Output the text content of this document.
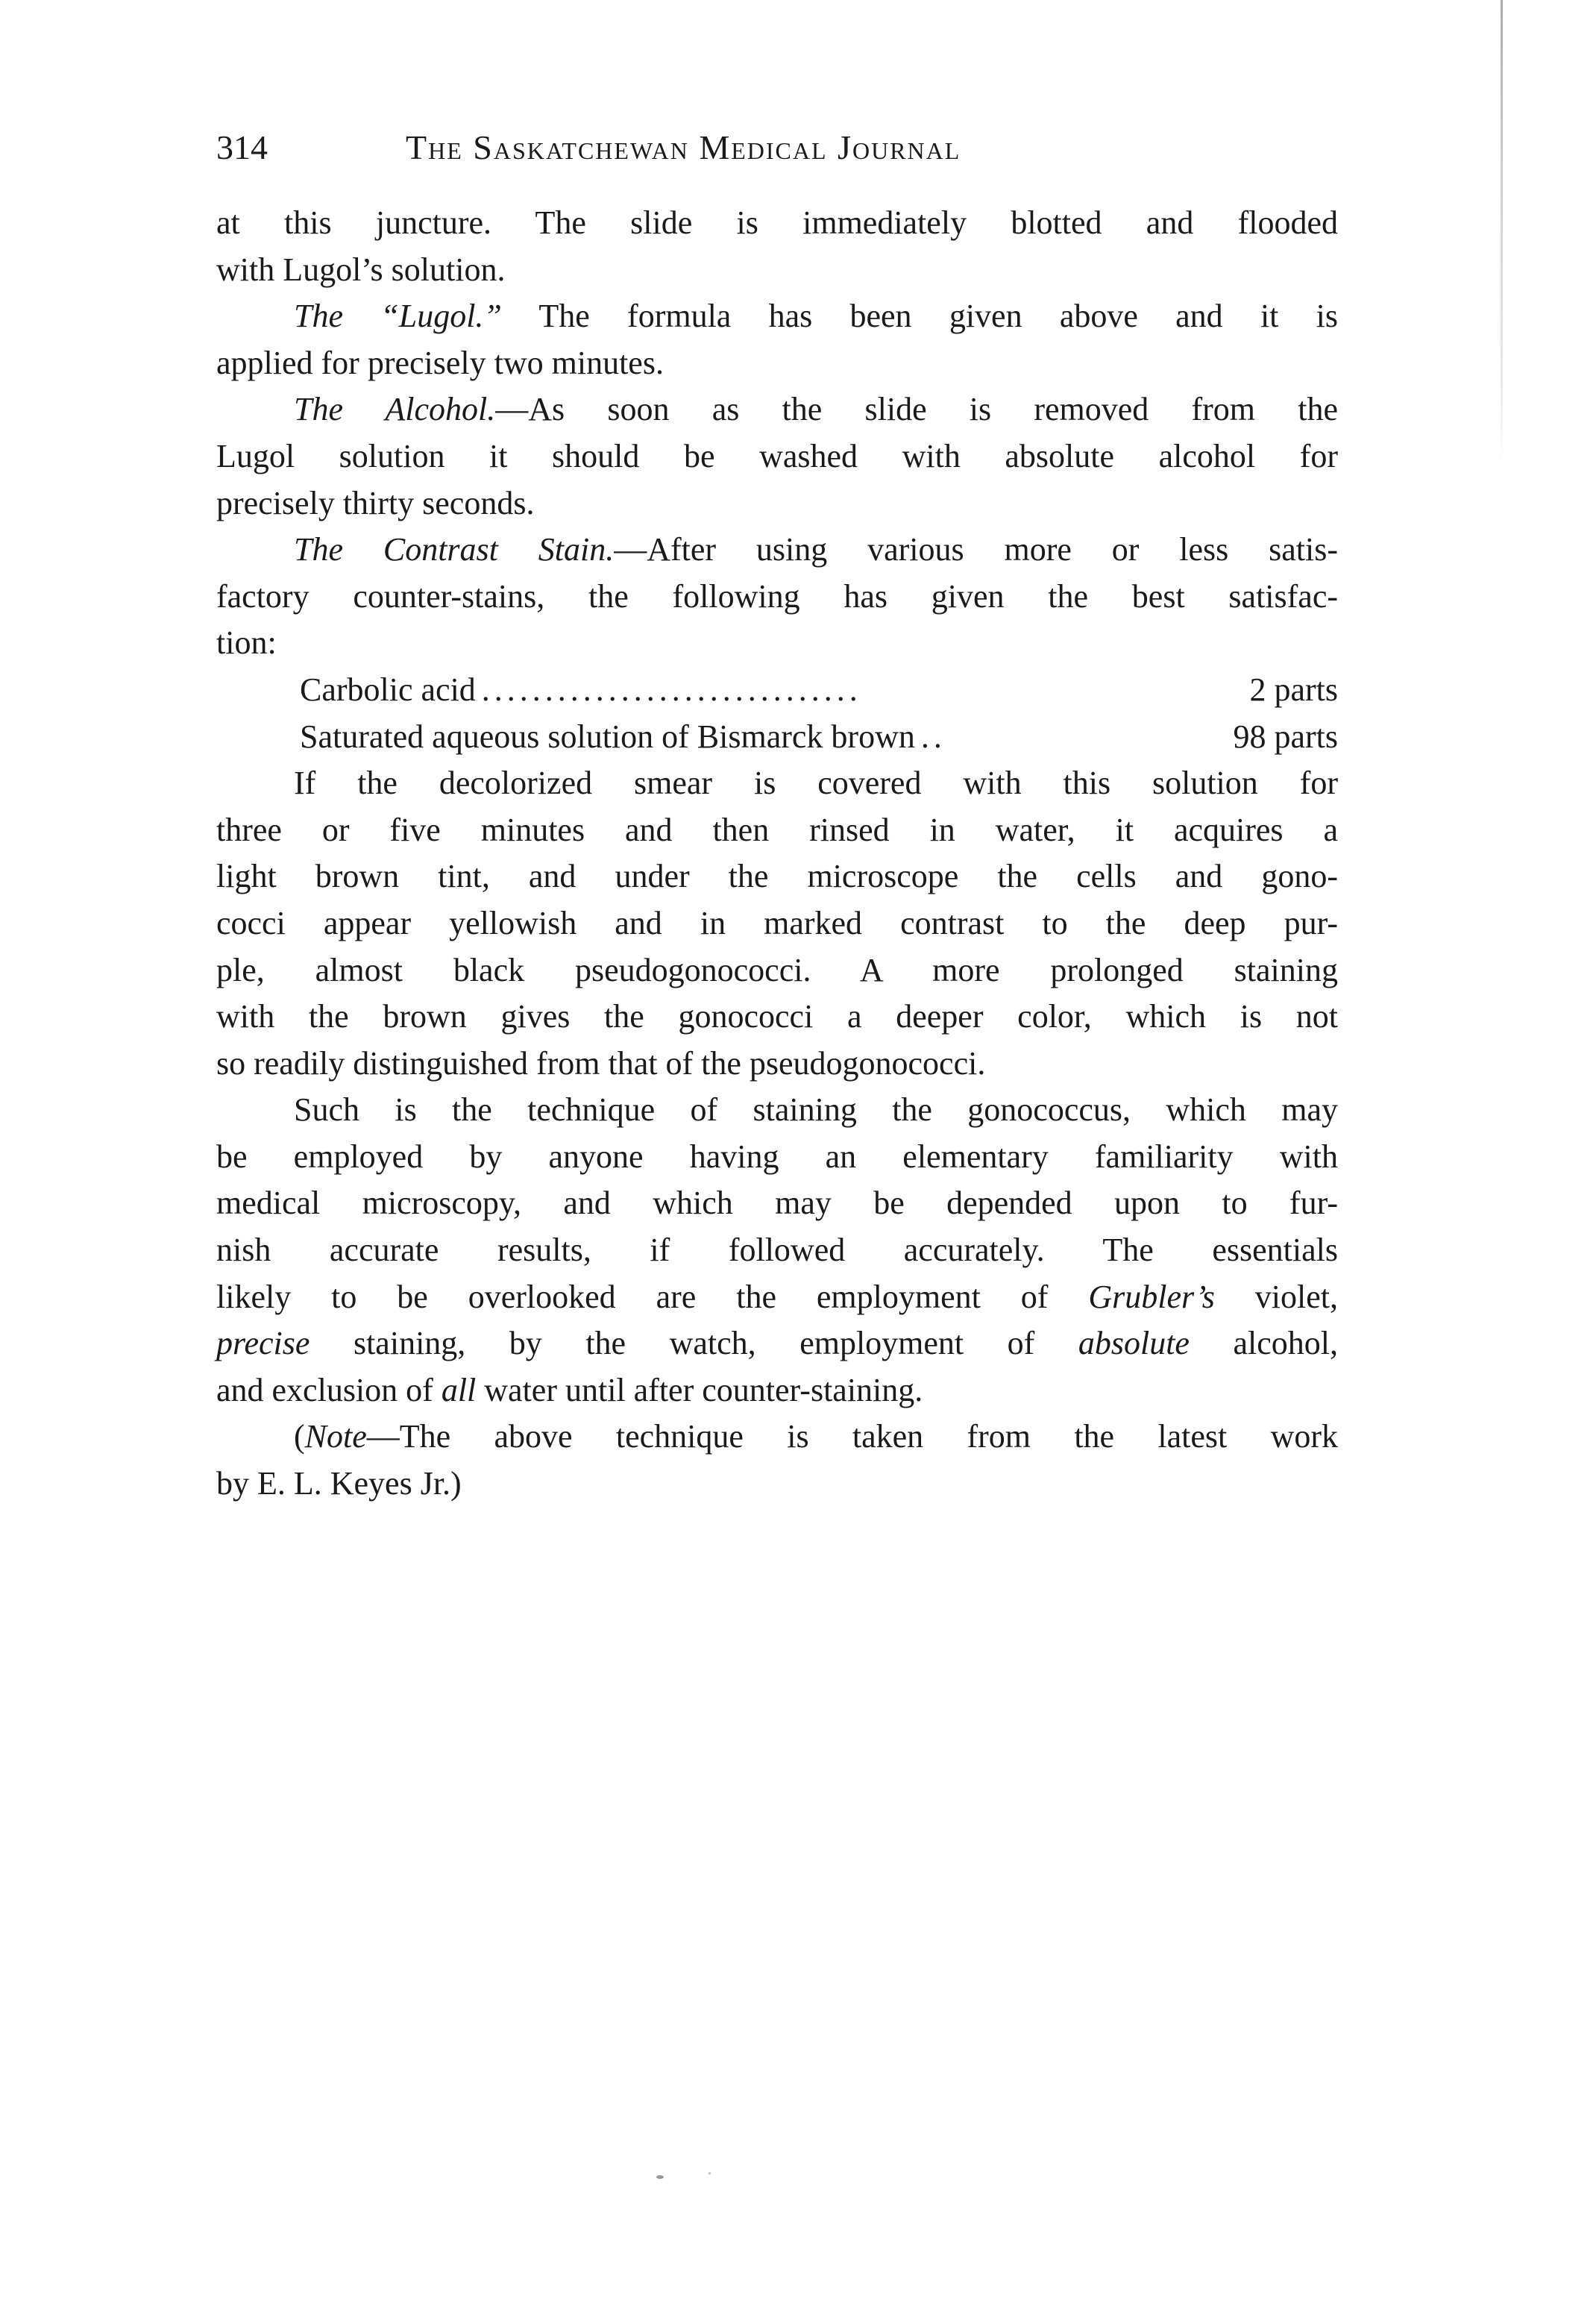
314	The Saskatchewan Medical Journal
at this juncture. The slide is immediately blotted and flooded
with Lugol’s solution.
The “Lugol.” The formula has been given above and it is
applied for precisely two minutes.
The Alcohol.—As soon as the slide is removed from the
Lugol solution it should be washed with absolute alcohol for
precisely thirty seconds.
The Contrast Stain.—After using various more or less satis-
factory counter-stains, the following has given the best satisfac-
tion:
Carbolic acid ..............................	2 parts
Saturated aqueous solution of Bismarck brown ..	98 parts
If the decolorized smear is covered with this solution for
three or five minutes and then rinsed in water, it acquires a
light brown tint, and under the microscope the cells and gono-
cocci appear yellowish and in marked contrast to the deep pur-
ple, almost black pseudogonococci. A more prolonged staining
with the brown gives the gonococci a deeper color, which is not
so readily distinguished from that of the pseudogonococci.
Such is the technique of staining the gonococcus, which may
be employed by anyone having an elementary familiarity with
medical microscopy, and which may be depended upon to fur-
nish accurate results, if followed accurately. The essentials
likely to be overlooked are the employment of Grubler’s violet,
precise staining, by the watch, employment of absolute alcohol,
and exclusion of all water until after counter-staining.
(Note—The above technique is taken from the latest work
by E. L. Keyes Jr.)
